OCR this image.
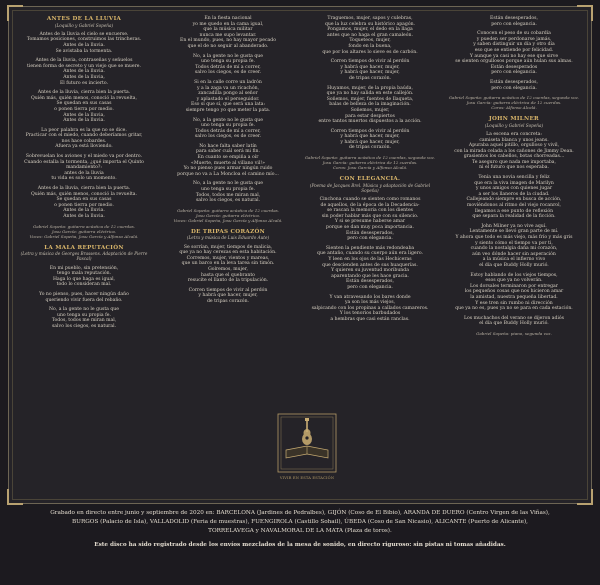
ANTES DE LA LLUVIA
(Loquillo y Gabriel Sopeña)
Antes de la lluvia el cielo se encuerse.
Tomamos posiciones, construimos las trincheras.
Antes de la lluvia.
Se avistaba la tormenta.
Antes de la lluvia, contraseñas y señuelos
tienen forma de secreto y un viejo que se muere.
Antes de la lluvia.
Antes de la lluvia,
El futuro es incierto.
Antes de la lluvia, cierra bien la puerta.
Quién más, quién menos, conoció la revuelta,
Se quedan en sus casas
o ponen tierra por medio.
Antes de la lluvia,
Antes de la lluvia.
La peor palabra es la que no se dice.
Practicar con el miedo, cuando deberíamos gritar,
nos hace cobardes.
Afuera ya está lloviendo.
Sobrevuelan los aviones y el miedo va por dentro.
Cuando estalla la tormenta, ¿qué importa el Quinto
mandamiento?:
antes de la lluvia
tu vida es solo un momento.
Antes de la lluvia, cierra bien la puerta.
Quién más, quién menos, conoció la revuelta.
Se quedan en sus casas
o ponen tierra por medio.
Antes de la lluvia.
Antes de la lluvia.
Gabriel Sopeña: guitarra acústica de 12 cuerdas.
Josu García: guitarra eléctrica.
Voces: Gabriel Sopeña, Josu García y Alfonso Alcalá.
LA MALA REPUTACIÓN
(Letra y música de Georges Brassens. Adaptación de Pierre Pascal)
En mi pueblo, sin pretensión,
tengo mala reputación.
Haga lo que haga es igual,
todo lo consideran mal.
Yo no pienso, pues, hacer ningún daño
queriendo vivir fuera del rebaño.
No, a la gente no le gusta que
uno tenga su propia fe.
Todos, todos me miran mal,
salvo los ciegos, es natural.
En la fiesta nacional
yo me quedo en la cama igual,
que la música militar
nunca me supo levantar.
En el mundo, pues, no hay mayor pecado
que el de no seguir al abanderado.
No, a la gente no le gusta que
uno tenga su propia fe.
Todos detrás de mí a correr,
salvo los ciegos, es de creer.
Si en la calle corre un ladrón
y a la zaga va un ricachón,
zancadilla pongo al señor
y aplastado el perseguidor.
Eso sí que sí, que será una lata:
siempre tengo yo que meter la pata.
No, a la gente no le gusta que
uno tenga su propia fe.
Todos detrás de mí a correr,
salvo los ciegos, es de creer.
No hace falta saber latín
para saber cuál será mi fin.
En cuanto se empiña a oír
«Muerte, muerte al villano vil!»
Yo no pienso pues armar ningún ruido
porque no va a La Moncloa el camino mío...
No, a la gente no le gusta que
uno tenga su propia fe.
Todos, todos me miran mal,
salvo los ciegos, es natural.
Gabriel Sopeña: guitarra acústica de 12 cuerdas.
Josu García: guitarra eléctrica.
Voces: Gabriel Sopeña, Josu García y Alfonso Alcalá.
DE TRIPAS CORAZÓN
(Letra y música de Luis Eduardo Aute)
Se sorrían, mujer, tiempos de malicia,
que ya no hay cerezas en esta habitación.
Corremos, mujer, vientos y mareas,
que un barco en la leva tarea sin timón.
Golremos, mujer,
hasta que el quebranto
resucite el llanto de la tripulación.
Corren tiempos de vivir al perdón
y habrá que hacer, mujer,
de tripas corazón.
Traguemos, mujer, sapos y culebras,
que la luz celebra su histórico apagón.
Pongamos, mujer, el dedo en la llaga
antes que no haga el gran camaleón.
Toqueteos, mujer,
fondo en la buena,
que por los altares lo sieve es de carbón.
Corren tiempos de vivir al perdón
y habrá que hacer, mujer,
y habrá que hacer, mujer,
de tripas corazón.
Huyamos, mujer, de la propia baúda,
que ya no hay salida en este callejón.
Soñemos, mujer, fuentes de Ilaqueta,
balas de belleza de la imaginación.
Soñemos, mujer,
para estar despiertos
entre tantos muertos dispuestos a la acción.
Corren tiempos de vivir al perdón
y habrá que hacer, mujer,
y habrá que hacer, mujer,
de tripas corazón.
Gabriel Sopeña: guitarra acústica de 12 cuerdas, segunda voz.
Josu García: guitarra eléctrica de 12 cuerdas.
Coros: Josu García y Alfonso Alcalá.
CON ELEGANCIA.
(Poema de Jacques Brel. Música y adaptación de Gabriel Sopeña)
Cinchona cuando se sienten como romanos
de aquellos, de la época de la Decadencia-
se rascan la memoria con los dientes
sin poder hablar más que con su silencio.
Y si se presume haberse amar
porque se dan muy poca importancia.
Están desesperados,
pero con elegancia.
Sienten la pendiente más redondeaba
que antaño, cuando su cuerpo aún era ligero.
Y leen en los ojos de las Hechiceras
que descienden antes de sus huaquerías.
Y quieren su juventud moribunda
aparentando que les hace gracia.
Están desesperados,
pero con elegancia.
Y van atravesando los bares donde
ya son los más viejos,
salpicando con los propinas a callados camareros.
Y los tenorios barbudados
a hembras que casi están ranclas.
Están desesperados,
pero con elegancia.
Conocen el peso de su cobardía
y pueden ser perdonarse jamás,
y saben distinguir un día y otro día
eso que se entiende por felicidad.
Y aunque ya casi no hay ese que sirve
se sienten orgullosos porque aún hulan sus almas.
Están desesperados
pero con elegancia.
Están desesperados,
pero con elegancia.
Gabriel Sopeña: guitarra acústica de 12 cuerdas, segunda voz.
Josu García: guitarra eléctrica de 12 cuerdas.
Coros: Alfonso Alcalá.
JOHN MILNER
(Loquillo y Gabriel Sopeña)
La escena era concreta:
camiseta blanca y unos jeans.
Apuraba aquel pitillo, orgulloso y vivil,
con la mirada celada a los cañones de Jimmy Dean.
grasientos los cabellos, botas chorreadas...
Te aseguro que nada me importaba,
ni el futuro que nos esperaba.
Tenía una novia sencilla y feliz
que era la viva imagen de Marilyn
y unos amigos con quienes jugar
a ser los llaneros de la ciudad.
Callejeando siempre en busca de acción,
movíéndonos al ritmo del viejo rocanrol,
llegamos a ese punto de reflexión
que separa la realidad de la ficción.
John Milner ya no vive aquí.
Lentamente se llevó gran parte de mí.
Y ahora que todo es más viejo, más frío y más gris
y siento cómo el tiempo va por ti,
cuando la nostalgia daña mi corazón,
aún veo dónde hacer sin asperación
a la música el infierno vivo
el día que Buddy Holly murió.
Estoy hablando de los viejos tiempos,
esos que ya no volverán.
Los dorsales terminaron por entregar
los pequeños cosas que nos hicieron amar
la amistad, nuestra pequeña libertad.
Y ese tren sin rumbo ni dirección
que ya no es, pues ya no se para en cada estación.
Los muchachos del verano se dijeron adiós
el día que Buddy Holly murió.
Gabriel Sopeña: piano, segunda voz.
VIVIR EN ESTA ESTACIÓN
Grabado en directo entre junio y septiembre de 2020 en: BARCELONA (Jardines de Pedralbes), GIJÓN (Coso de El Bibio), ARANDA DE DUERO (Centro Virgen de las Viñas),
BURGOS (Palacio de Isla), VALLADOLID (Feria de muestras), FUENGIROLA (Castillo Sohail), ÚBEDA (Coso de San Nicasio), ALICANTE (Puerto de Alicante),
TORRELAVEGA y NAVALMORAL DE LA MATA (Plaza de toros).
Este disco ha sido registrado desde los envíos mezclados de la mesa de sonido, en directo riguroso: sin pistas ni tomas añadidas.
